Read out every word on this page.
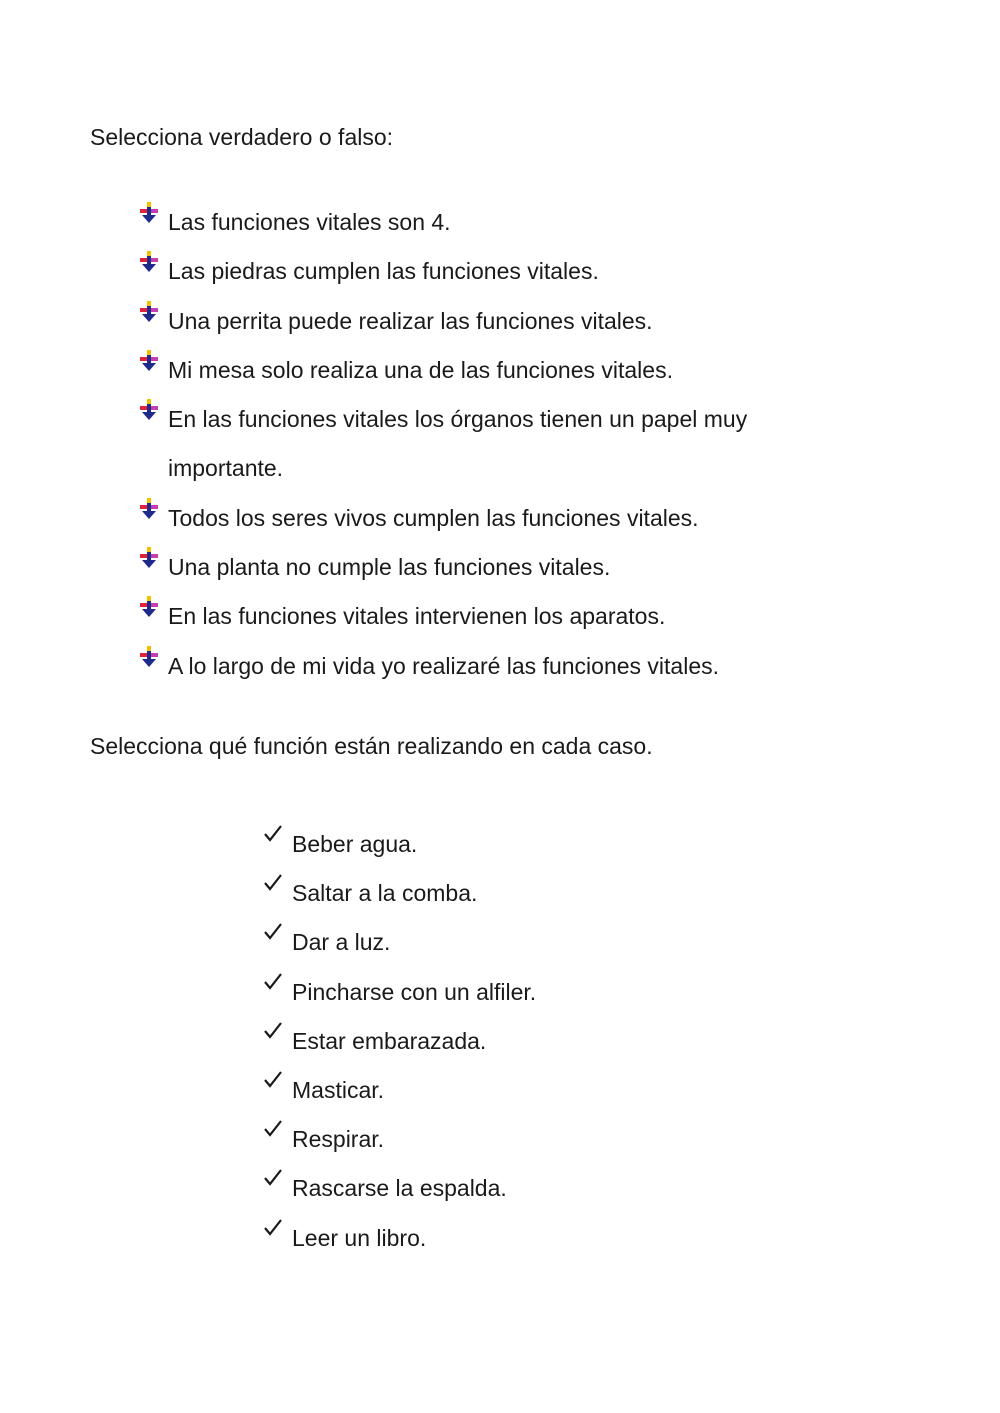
Selecciona verdadero o falso:
Las funciones vitales son 4.
Las piedras cumplen las funciones vitales.
Una perrita puede realizar las funciones vitales.
Mi mesa solo realiza una de las funciones vitales.
En las funciones vitales los órganos tienen un papel muy importante.
Todos los seres vivos cumplen las funciones vitales.
Una planta no cumple las funciones vitales.
En las funciones vitales intervienen los aparatos.
A lo largo de mi vida yo realizaré las funciones vitales.
Selecciona qué función están realizando en cada caso.
Beber agua.
Saltar a la comba.
Dar a luz.
Pincharse con un alfiler.
Estar embarazada.
Masticar.
Respirar.
Rascarse la espalda.
Leer un libro.
